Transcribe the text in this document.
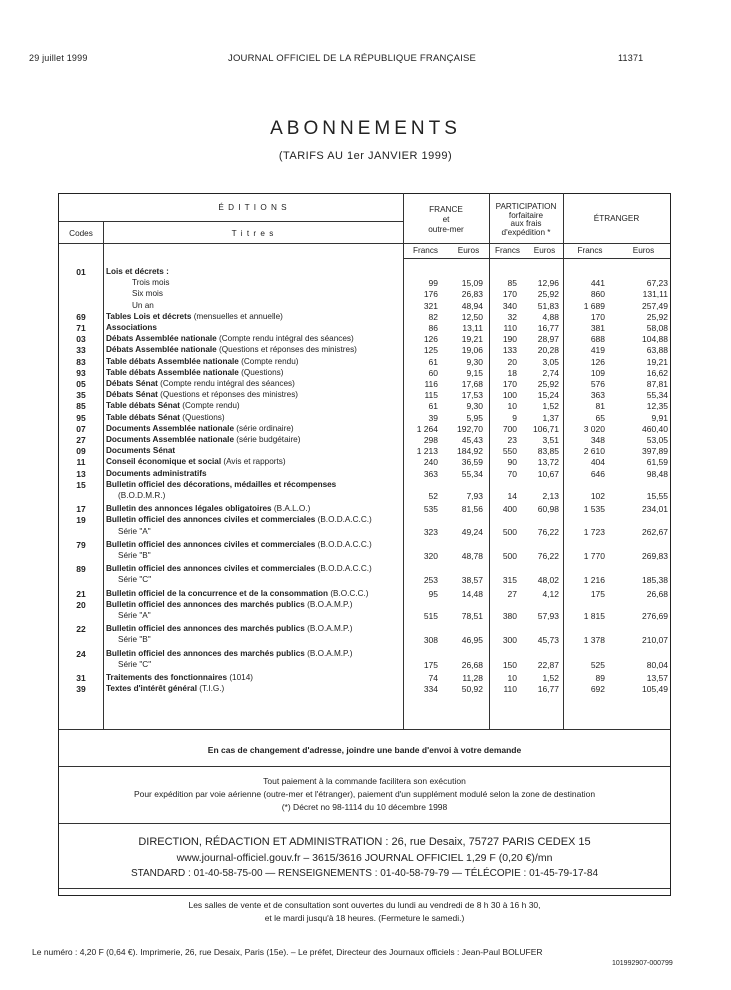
29 juillet 1999	JOURNAL OFFICIEL DE LA RÉPUBLIQUE FRANÇAISE	11371
ABONNEMENTS
(TARIFS AU 1er JANVIER 1999)
É D I T I O N S
Codes	T i t r e s
FRANCE
et
outre-mer
PARTICIPATION
forfaitaire
aux frais
d'expédition *
ÉTRANGER
Francs	Euros	Francs	Euros	Francs	Euros
01	Lois et décrets :
Trois mois	99	15,09	85	12,96	441	67,23
Six mois	176	26,83	170	25,92	860	131,11
Un an	321	48,94	340	51,83	1 689	257,49
69	Tables Lois et décrets (mensuelles et annuelle)	82	12,50	32	4,88	170	25,92
71	Associations	86	13,11	110	16,77	381	58,08
03	Débats Assemblée nationale (Compte rendu intégral des séances)	126	19,21	190	28,97	688	104,88
33	Débats Assemblée nationale (Questions et réponses des ministres)	125	19,06	133	20,28	419	63,88
83	Table débats Assemblée nationale (Compte rendu)	61	9,30	20	3,05	126	19,21
93	Table débats Assemblée nationale (Questions)	60	9,15	18	2,74	109	16,62
05	Débats Sénat (Compte rendu intégral des séances)	116	17,68	170	25,92	576	87,81
35	Débats Sénat (Questions et réponses des ministres)	115	17,53	100	15,24	363	55,34
85	Table débats Sénat (Compte rendu)	61	9,30	10	1,52	81	12,35
95	Table débats Sénat (Questions)	39	5,95	9	1,37	65	9,91
07	Documents Assemblée nationale (série ordinaire)	1 264	192,70	700	106,71	3 020	460,40
27	Documents Assemblée nationale (série budgétaire)	298	45,43	23	3,51	348	53,05
09	Documents Sénat	1 213	184,92	550	83,85	2 610	397,89
11	Conseil économique et social (Avis et rapports)	240	36,59	90	13,72	404	61,59
13	Documents administratifs	363	55,34	70	10,67	646	98,48
15	Bulletin officiel des décorations, médailles et récompenses
(B.O.D.M.R.)	52	7,93	14	2,13	102	15,55
17	Bulletin des annonces légales obligatoires (B.A.L.O.)	535	81,56	400	60,98	1 535	234,01
19	Bulletin officiel des annonces civiles et commerciales (B.O.D.A.C.C.)
Série "A"	323	49,24	500	76,22	1 723	262,67
79	Bulletin officiel des annonces civiles et commerciales (B.O.D.A.C.C.)
Série "B"	320	48,78	500	76,22	1 770	269,83
89	Bulletin officiel des annonces civiles et commerciales (B.O.D.A.C.C.)
Série "C"	253	38,57	315	48,02	1 216	185,38
21	Bulletin officiel de la concurrence et de la consommation (B.O.C.C.)	95	14,48	27	4,12	175	26,68
20	Bulletin officiel des annonces des marchés publics (B.O.A.M.P.)
Série "A"	515	78,51	380	57,93	1 815	276,69
22	Bulletin officiel des annonces des marchés publics (B.O.A.M.P.)
Série "B"	308	46,95	300	45,73	1 378	210,07
24	Bulletin officiel des annonces des marchés publics (B.O.A.M.P.)
Série "C"	175	26,68	150	22,87	525	80,04
31	Traitements des fonctionnaires (1014)	74	11,28	10	1,52	89	13,57
39	Textes d'intérêt général (T.I.G.)	334	50,92	110	16,77	692	105,49
En cas de changement d'adresse, joindre une bande d'envoi à votre demande
Tout paiement à la commande facilitera son exécution
Pour expédition par voie aérienne (outre-mer et l'étranger), paiement d'un supplément modulé selon la zone de destination
(*) Décret no 98-1114 du 10 décembre 1998
DIRECTION, RÉDACTION ET ADMINISTRATION : 26, rue Desaix, 75727 PARIS CEDEX 15
www.journal-officiel.gouv.fr – 3615/3616 JOURNAL OFFICIEL 1,29 F (0,20 €)/mn
STANDARD : 01-40-58-75-00 — RENSEIGNEMENTS : 01-40-58-79-79 — TÉLÉCOPIE : 01-45-79-17-84
Les salles de vente et de consultation sont ouvertes du lundi au vendredi de 8 h 30 à 16 h 30,
et le mardi jusqu'à 18 heures. (Fermeture le samedi.)
Le numéro : 4,20 F (0,64 €). Imprimerie, 26, rue Desaix, Paris (15e). – Le préfet, Directeur des Journaux officiels : Jean-Paul BOLUFER
101992907-000799
